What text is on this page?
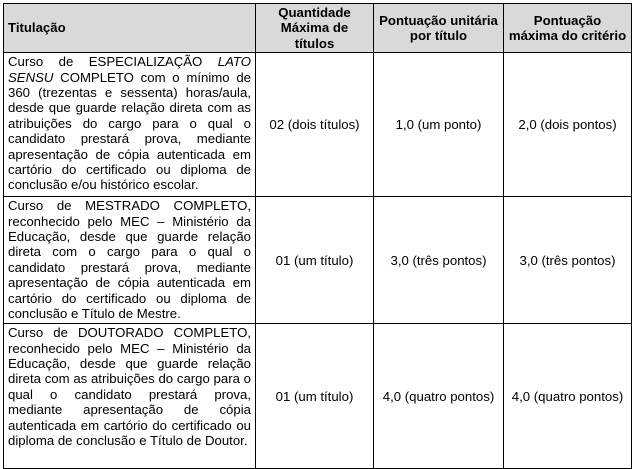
Titulação	Quantidade Máxima de títulos	Pontuação unitária por título	Pontuação máxima do critério
Curso de ESPECIALIZAÇÃO LATO SENSU COMPLETO com o mínimo de 360 (trezentas e sessenta) horas/aula, desde que guarde relação direta com as atribuições do cargo para o qual o candidato prestará prova, mediante apresentação de cópia autenticada em cartório do certificado ou diploma de conclusão e/ou histórico escolar.	02 (dois títulos)	1,0 (um ponto)	2,0 (dois pontos)
Curso de MESTRADO COMPLETO, reconhecido pelo MEC – Ministério da Educação, desde que guarde relação direta com o cargo para o qual o candidato prestará prova, mediante apresentação de cópia autenticada em cartório do certificado ou diploma de conclusão e Título de Mestre.	01 (um título)	3,0 (três pontos)	3,0 (três pontos)
Curso de DOUTORADO COMPLETO, reconhecido pelo MEC – Ministério da Educação, desde que guarde relação direta com as atribuições do cargo para o qual o candidato prestará prova, mediante apresentação de cópia autenticada em cartório do certificado ou diploma de conclusão e Título de Doutor.	01 (um título)	4,0 (quatro pontos)	4,0 (quatro pontos)
